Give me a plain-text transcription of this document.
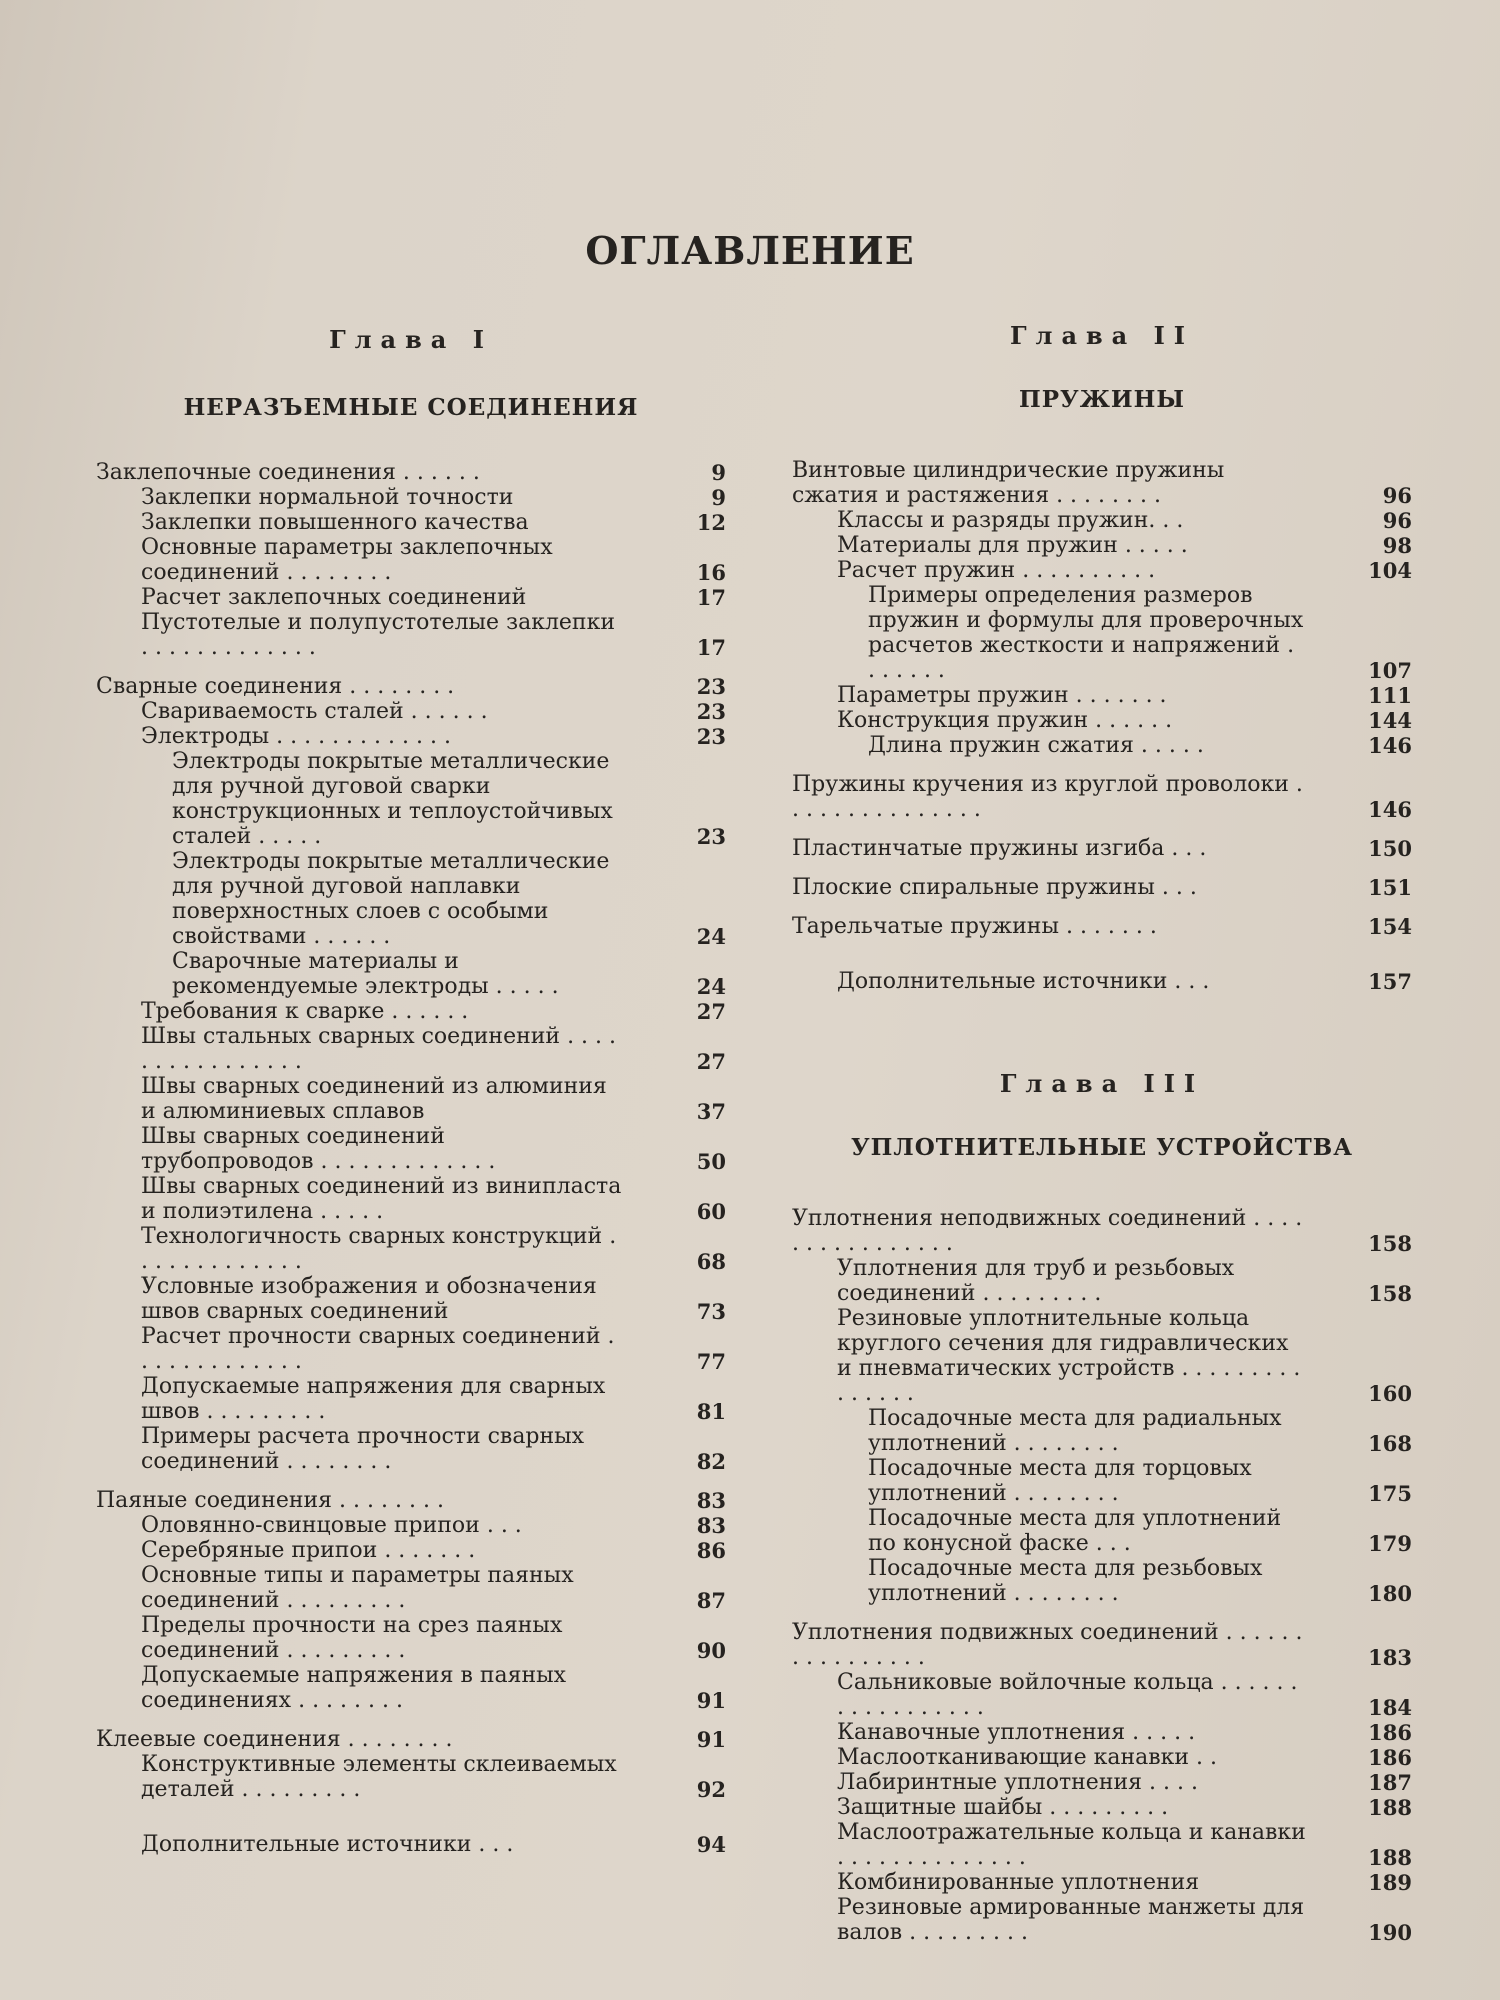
ОГЛАВЛЕНИЕ
Глава I
НЕРАЗЪЕМНЫЕ СОЕДИНЕНИЯ
Заклепочные соединения . . . . . .	9
Заклепки нормальной точности	9
Заклепки повышенного качества	12
Основные параметры заклепочных соединений . . . . . . . .	16
Расчет заклепочных соединений	17
Пустотелые и полупустотелые заклепки . . . . . . . . . . . . .	17
Сварные соединения . . . . . . . .	23
Свариваемость сталей . . . . . .	23
Электроды . . . . . . . . . . . . .	23
Электроды покрытые металлические для ручной дуговой сварки конструкционных и теплоустойчивых сталей . . . . .	23
Электроды покрытые металлические для ручной дуговой наплавки поверхностных слоев с особыми свойствами . . . . . .	24
Сварочные материалы и рекомендуемые электроды . . . . .	24
Требования к сварке . . . . . .	27
Швы стальных сварных соединений . . . . . . . . . . . . . . . .	27
Швы сварных соединений из алюминия и алюминиевых сплавов	37
Швы сварных соединений трубопроводов . . . . . . . . . . . . .	50
Швы сварных соединений из винипласта и полиэтилена . . . . .	60
Технологичность сварных конструкций . . . . . . . . . . . . .	68
Условные изображения и обозначения швов сварных соединений	73
Расчет прочности сварных соединений . . . . . . . . . . . . .	77
Допускаемые напряжения для сварных швов . . . . . . . . .	81
Примеры расчета прочности сварных соединений . . . . . . . .	82
Паяные соединения . . . . . . . .	83
Оловянно-свинцовые припои . . .	83
Серебряные припои . . . . . . .	86
Основные типы и параметры паяных соединений . . . . . . . . .	87
Пределы прочности на срез паяных соединений . . . . . . . . .	90
Допускаемые напряжения в паяных соединениях . . . . . . . .	91
Клеевые соединения . . . . . . . .	91
Конструктивные элементы склеиваемых деталей . . . . . . . . .	92
Дополнительные источники . . .	94
Глава II
ПРУЖИНЫ
Винтовые цилиндрические пружины сжатия и растяжения . . . . . . . .	96
Классы и разряды пружин. . .	96
Материалы для пружин . . . . .	98
Расчет пружин . . . . . . . . . .	104
Примеры определения размеров пружин и формулы для проверочных расчетов жесткости и напряжений . . . . . . .	107
Параметры пружин . . . . . . .	111
Конструкция пружин . . . . . .	144
Длина пружин сжатия . . . . .	146
Пружины кручения из круглой проволоки . . . . . . . . . . . . . . .	146
Пластинчатые пружины изгиба . . .	150
Плоские спиральные пружины . . .	151
Тарельчатые пружины . . . . . . .	154
Дополнительные источники . . .	157
Глава III
УПЛОТНИТЕЛЬНЫЕ УСТРОЙСТВА
Уплотнения неподвижных соединений . . . . . . . . . . . . . . . .	158
Уплотнения для труб и резьбовых соединений . . . . . . . . .	158
Резиновые уплотнительные кольца круглого сечения для гидравлических и пневматических устройств . . . . . . . . . . . . . . .	160
Посадочные места для радиальных уплотнений . . . . . . . .	168
Посадочные места для торцовых уплотнений . . . . . . . .	175
Посадочные места для уплотнений по конусной фаске . . .	179
Посадочные места для резьбовых уплотнений . . . . . . . .	180
Уплотнения подвижных соединений . . . . . . . . . . . . . . . .	183
Сальниковые войлочные кольца . . . . . . . . . . . . . . . . .	184
Канавочные уплотнения . . . . .	186
Маслоотканивающие канавки . .	186
Лабиринтные уплотнения . . . .	187
Защитные шайбы . . . . . . . . .	188
Маслоотражательные кольца и канавки . . . . . . . . . . . . . .	188
Комбинированные уплотнения	189
Резиновые армированные манжеты для валов . . . . . . . . .	190
